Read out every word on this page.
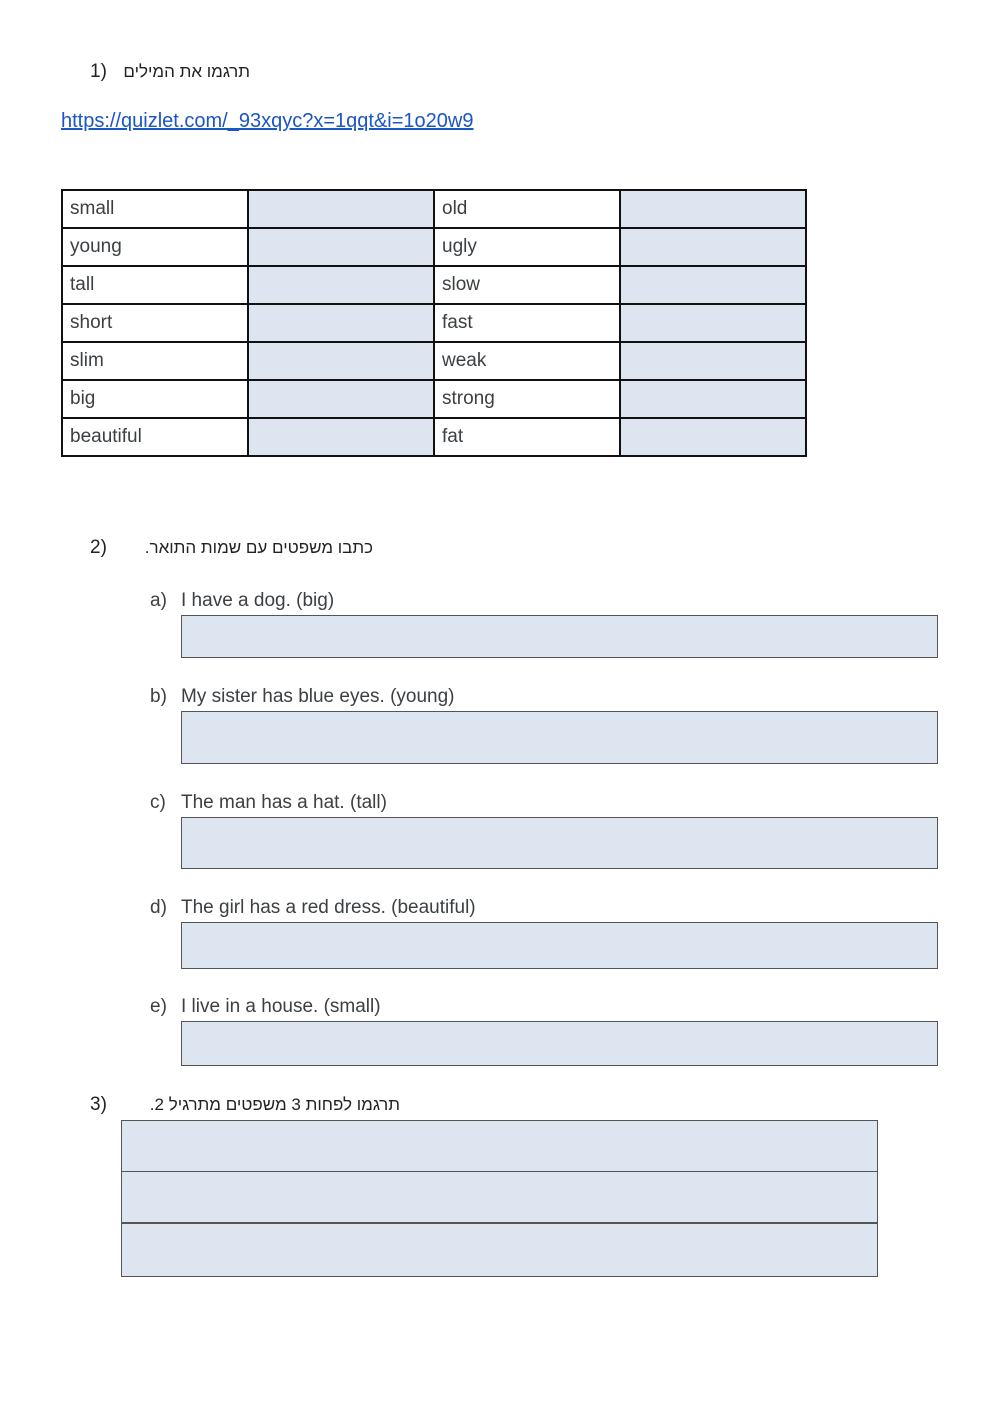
1) תרגמו את המילים
https://quizlet.com/_93xqyc?x=1qqt&i=1o20w9
small		old	
young		ugly	
tall		slow	
short		fast	
slim		weak	
big		strong	
beautiful		fat	
2)	כתבו משפטים עם שמות התואר.
a) I have a dog. (big)
b) My sister has blue eyes. (young)
c) The man has a hat. (tall)
d) The girl has a red dress. (beautiful)
e) I live in a house. (small)
3)	תרגמו לפחות 3 משפטים מתרגיל 2.
